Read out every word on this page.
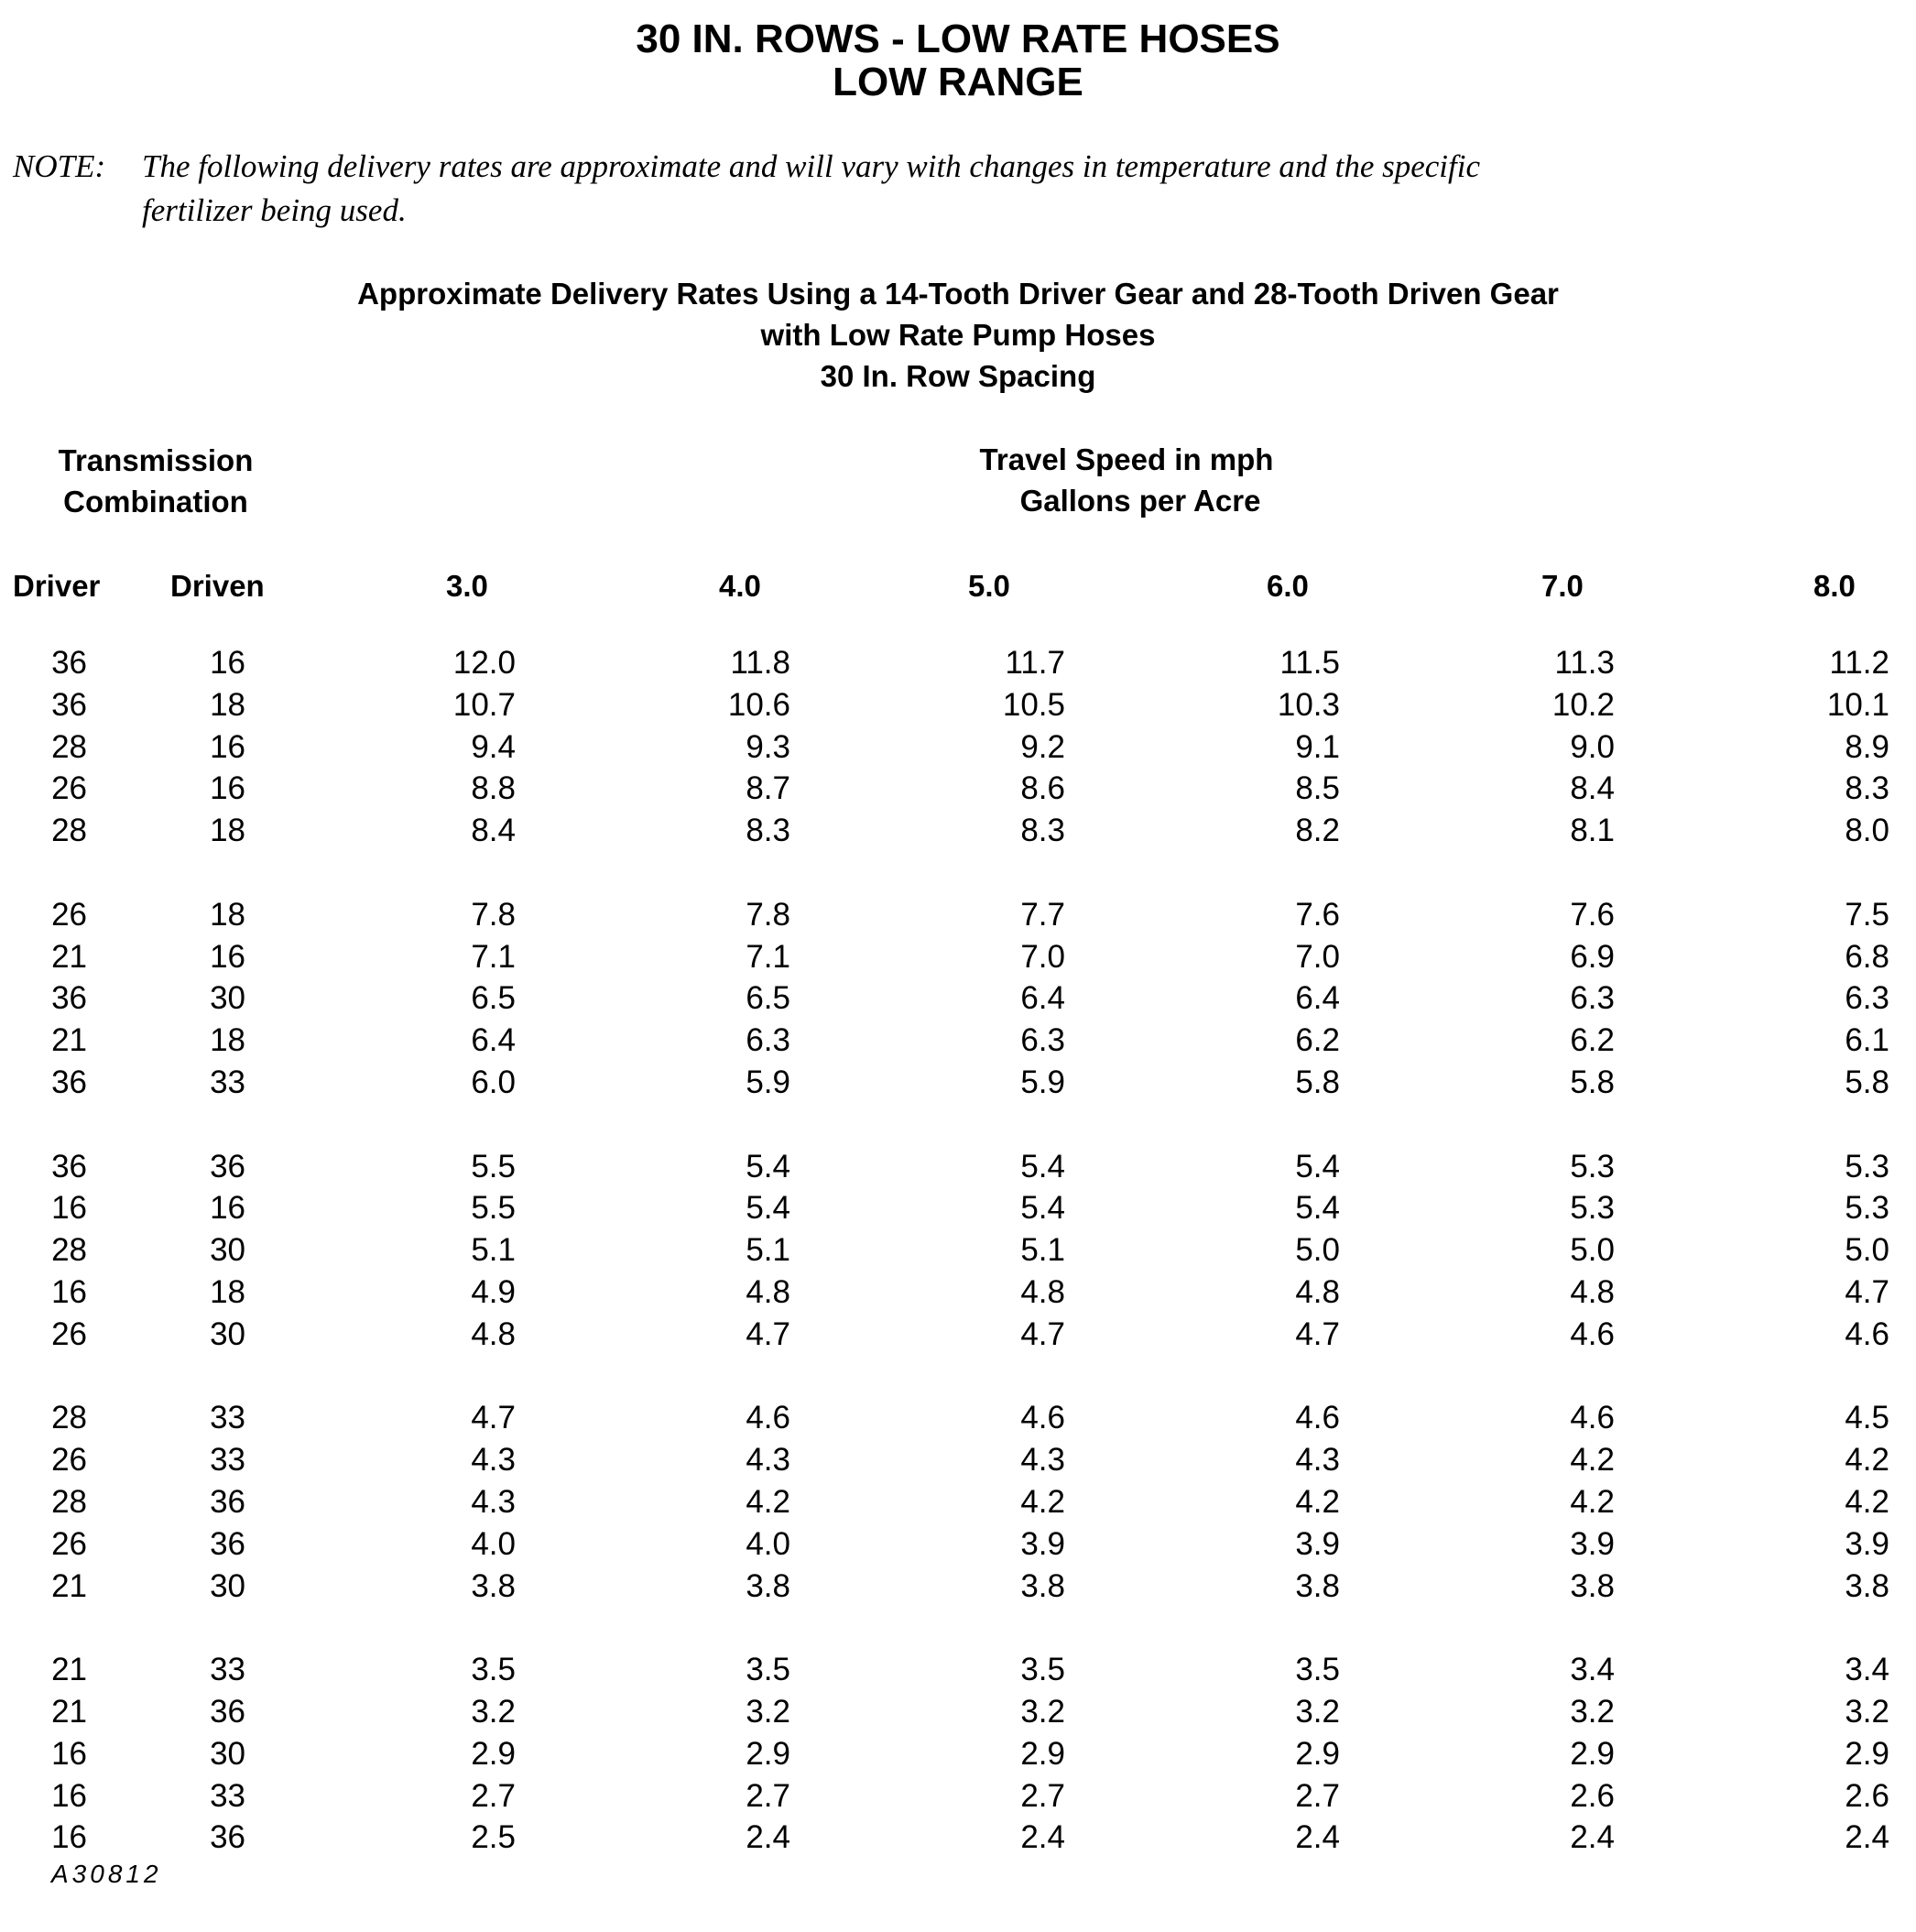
30 IN. ROWS - LOW RATE HOSES
LOW RANGE
NOTE: The following delivery rates are approximate and will vary with changes in temperature and the specific
fertilizer being used.
Approximate Delivery Rates Using a 14-Tooth Driver Gear and 28-Tooth Driven Gear
with Low Rate Pump Hoses
30 In. Row Spacing
Transmission
Combination
Travel Speed in mph
Gallons per Acre
Driver Driven	3.0	4.0	5.0	6.0	7.0	8.0
36	16	12.0	11.8	11.7	11.5	11.3	11.2
36	18	10.7	10.6	10.5	10.3	10.2	10.1
28	16	9.4	9.3	9.2	9.1	9.0	8.9
26	16	8.8	8.7	8.6	8.5	8.4	8.3
28	18	8.4	8.3	8.3	8.2	8.1	8.0
26	18	7.8	7.8	7.7	7.6	7.6	7.5
21	16	7.1	7.1	7.0	7.0	6.9	6.8
36	30	6.5	6.5	6.4	6.4	6.3	6.3
21	18	6.4	6.3	6.3	6.2	6.2	6.1
36	33	6.0	5.9	5.9	5.8	5.8	5.8
36	36	5.5	5.4	5.4	5.4	5.3	5.3
16	16	5.5	5.4	5.4	5.4	5.3	5.3
28	30	5.1	5.1	5.1	5.0	5.0	5.0
16	18	4.9	4.8	4.8	4.8	4.8	4.7
26	30	4.8	4.7	4.7	4.7	4.6	4.6
28	33	4.7	4.6	4.6	4.6	4.6	4.5
26	33	4.3	4.3	4.3	4.3	4.2	4.2
28	36	4.3	4.2	4.2	4.2	4.2	4.2
26	36	4.0	4.0	3.9	3.9	3.9	3.9
21	30	3.8	3.8	3.8	3.8	3.8	3.8
21	33	3.5	3.5	3.5	3.5	3.4	3.4
21	36	3.2	3.2	3.2	3.2	3.2	3.2
16	30	2.9	2.9	2.9	2.9	2.9	2.9
16	33	2.7	2.7	2.7	2.7	2.6	2.6
16	36	2.5	2.4	2.4	2.4	2.4	2.4
A30812
